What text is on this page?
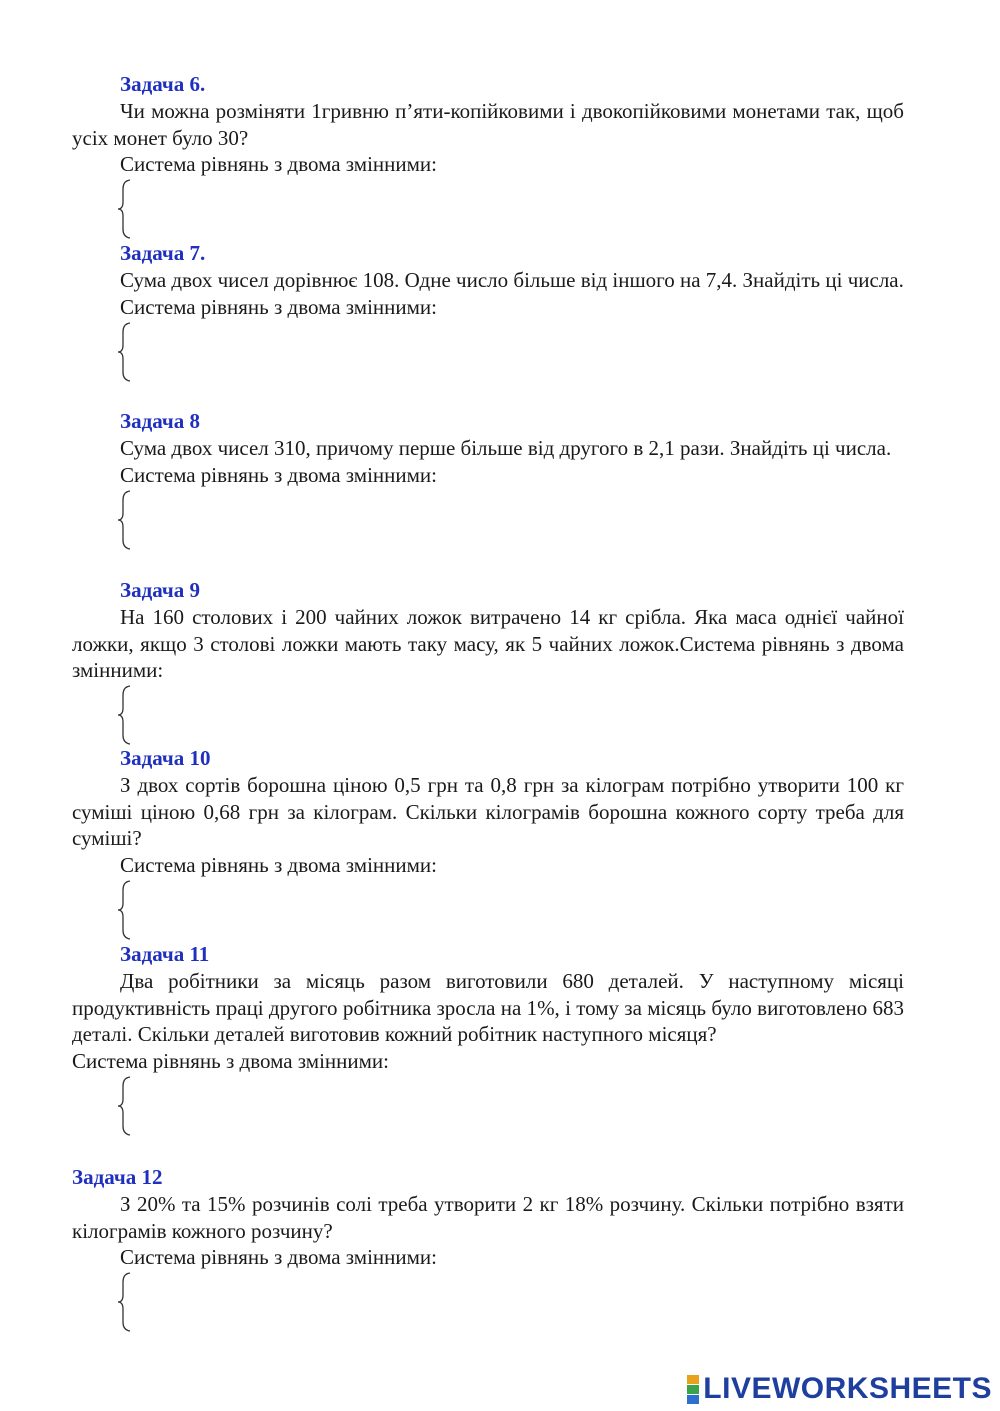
Задача 6.
Чи можна розміняти 1гривню п’яти-копійковими і двокопійковими монетами так, щоб усіх монет було 30?
Система рівнянь з двома змінними:
Задача 7.
Сума двох чисел дорівнює 108. Одне число більше від іншого на 7,4. Знайдіть ці числа.
Система рівнянь з двома змінними:
Задача 8
Сума двох чисел 310, причому перше більше від другого в 2,1 рази. Знайдіть ці числа.
Система рівнянь з двома змінними:
Задача 9
На 160 столових і 200 чайних ложок витрачено 14 кг срібла. Яка маса однієї чайної ложки, якщо 3 столові ложки мають таку масу, як 5 чайних ложок.Система рівнянь з двома змінними:
Задача 10
З двох сортів борошна ціною 0,5 грн та 0,8 грн за кілограм потрібно утворити 100 кг суміші ціною 0,68 грн за кілограм. Скільки кілограмів борошна кожного сорту треба для суміші?
Система рівнянь з двома змінними:
Задача 11
Два робітники за місяць разом виготовили 680 деталей. У наступному місяці продуктивність праці другого робітника зросла на 1%, і тому за місяць було виготовлено 683 деталі. Скільки деталей виготовив кожний робітник наступного місяця?
Система рівнянь з двома змінними:
Задача 12
З 20% та 15% розчинів солі треба утворити 2 кг 18% розчину. Скільки потрібно взяти кілограмів кожного розчину?
Система рівнянь з двома змінними:
LIVEWORKSHEETS
